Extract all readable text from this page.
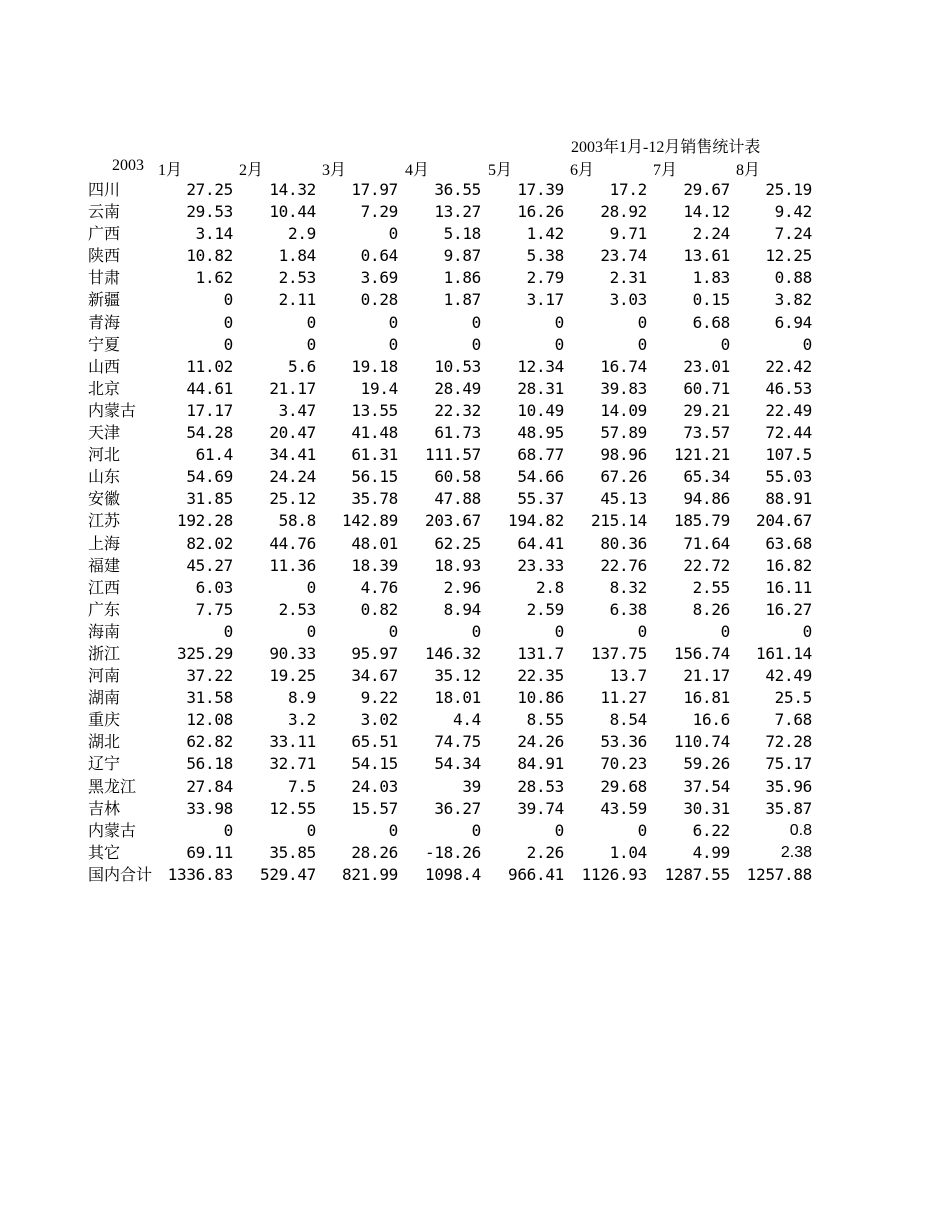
2003年1月-12月销售统计表
2003 1月	2月	3月	4月	5月	6月	7月	8月
四川	27.25 14.32 17.97 36.55 17.39	17.2 29.67 25.19
云南	29.53 10.44	7.29 13.27 16.26 28.92 14.12	9.42
广西	3.14	2.9	0	5.18	1.42	9.71	2.24	7.24
陕西	10.82	1.84	0.64	9.87	5.38 23.74 13.61 12.25
甘肃	1.62	2.53	3.69	1.86	2.79	2.31	1.83	0.88
新疆	0	2.11	0.28	1.87	3.17	3.03	0.15	3.82
青海	0	0	0	0	0	0	6.68	6.94
宁夏	0	0	0	0	0	0	0	0
山西	11.02	5.6 19.18 10.53 12.34 16.74 23.01 22.42
北京	44.61 21.17	19.4 28.49 28.31 39.83 60.71 46.53
内蒙古	17.17	3.47 13.55 22.32 10.49 14.09 29.21 22.49
天津	54.28 20.47 41.48 61.73 48.95 57.89 73.57 72.44
河北	61.4 34.41 61.31 111.57 68.77 98.96 121.21 107.5
山东	54.69 24.24 56.15 60.58 54.66 67.26 65.34 55.03
安徽	31.85 25.12 35.78 47.88 55.37 45.13 94.86 88.91
江苏	192.28	58.8 142.89 203.67 194.82 215.14 185.79 204.67
上海	82.02 44.76 48.01 62.25 64.41 80.36 71.64 63.68
福建	45.27 11.36 18.39 18.93 23.33 22.76 22.72 16.82
江西	6.03	0	4.76	2.96	2.8	8.32	2.55 16.11
广东	7.75	2.53	0.82	8.94	2.59	6.38	8.26 16.27
海南	0	0	0	0	0	0	0	0
浙江	325.29 90.33 95.97 146.32 131.7 137.75 156.74 161.14
河南	37.22 19.25 34.67 35.12 22.35	13.7 21.17 42.49
湖南	31.58	8.9	9.22 18.01 10.86 11.27 16.81	25.5
重庆	12.08	3.2	3.02	4.4	8.55	8.54	16.6	7.68
湖北	62.82 33.11 65.51 74.75 24.26 53.36 110.74 72.28
辽宁	56.18 32.71 54.15 54.34 84.91 70.23 59.26 75.17
黑龙江	27.84	7.5 24.03	39 28.53 29.68 37.54 35.96
吉林	33.98 12.55 15.57 36.27 39.74 43.59 30.31 35.87
内蒙古	0	0	0	0	0	0	6.22	0.8
其它	69.11 35.85 28.26 -18.26	2.26	1.04	4.99	2.38
国内合计 1336.83 529.47 821.99 1098.4 966.41 1126.93 1287.55 1257.88
